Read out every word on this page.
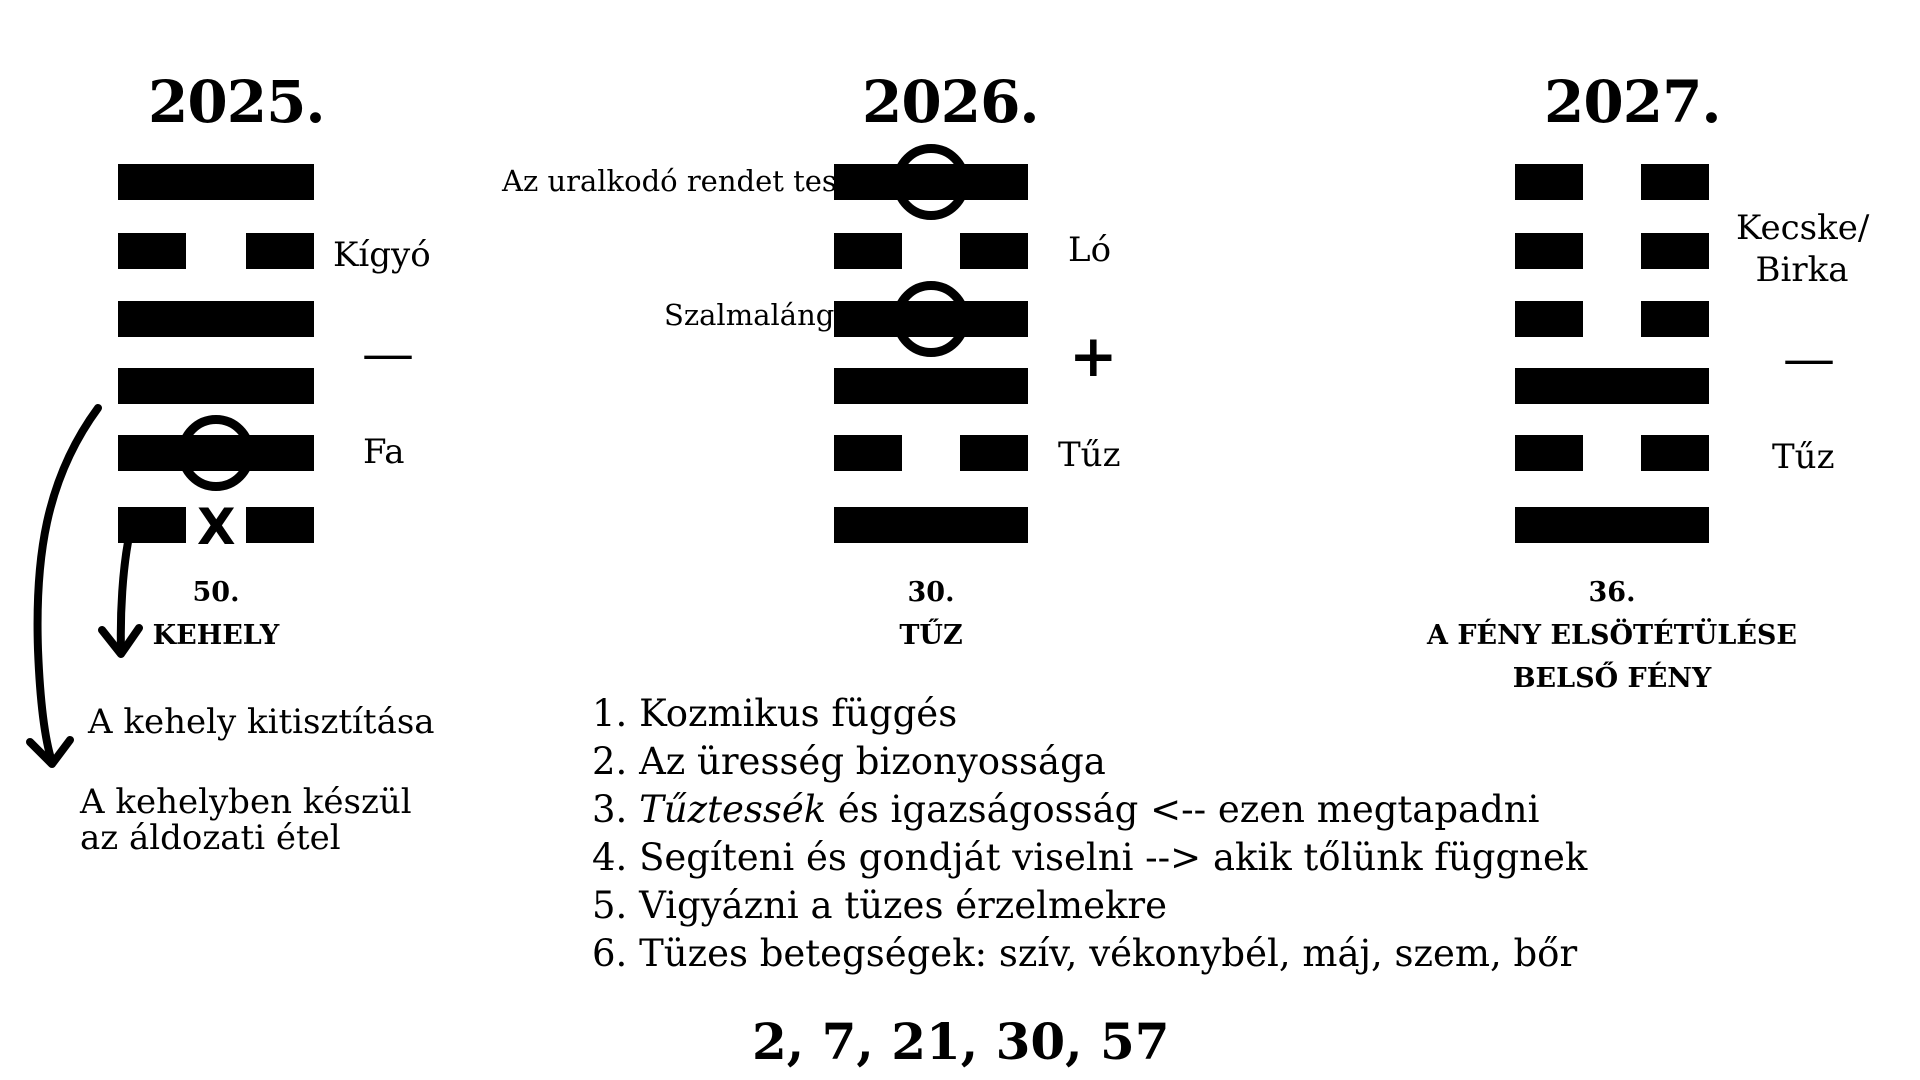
2025.
X
Kígyó
—
Fa
50.
KEHELY
A kehely kitisztítása
A kehelyben készül
az áldozati étel
2026.
Az uralkodó rendet tesz
Szalmaláng
Ló
+
Tűz
30.
TŰZ
2027.
Kecske/
Birka
—
Tűz
36.
A FÉNY ELSÖTÉTÜLÉSE
BELSŐ FÉNY
1. Kozmikus függés
2. Az üresség bizonyossága
3. Tűztessék és igazságosság <-- ezen megtapadni
4. Segíteni és gondját viselni --> akik tőlünk függnek
5. Vigyázni a tüzes érzelmekre
6. Tüzes betegségek: szív, vékonybél, máj, szem, bőr
2, 7, 21, 30, 57
